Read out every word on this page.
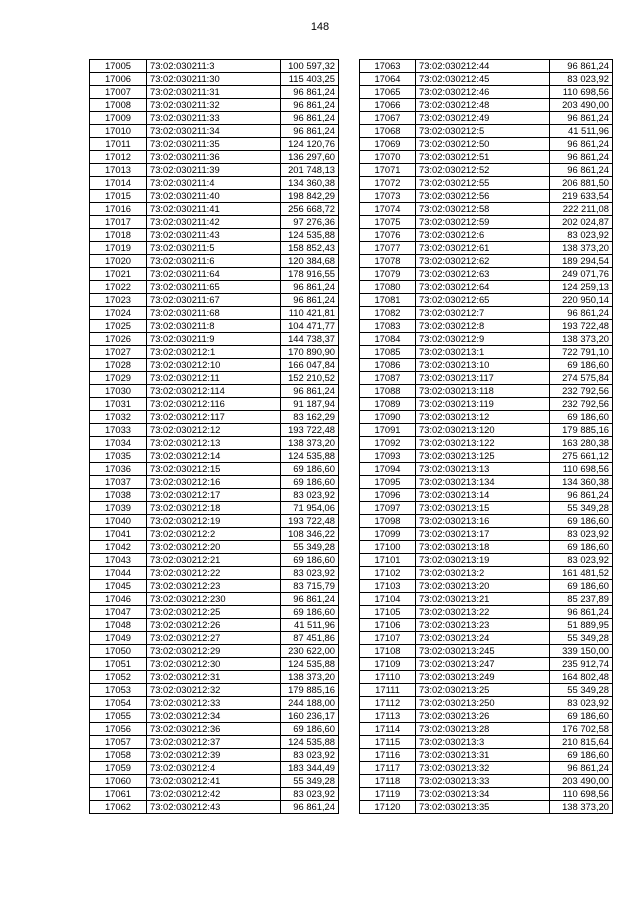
148
17005	73:02:030211:3	100 597,32
17006	73:02:030211:30	115 403,25
17007	73:02:030211:31	96 861,24
17008	73:02:030211:32	96 861,24
17009	73:02:030211:33	96 861,24
17010	73:02:030211:34	96 861,24
17011	73:02:030211:35	124 120,76
17012	73:02:030211:36	136 297,60
17013	73:02:030211:39	201 748,13
17014	73:02:030211:4	134 360,38
17015	73:02:030211:40	198 842,29
17016	73:02:030211:41	256 668,72
17017	73:02:030211:42	97 276,36
17018	73:02:030211:43	124 535,88
17019	73:02:030211:5	158 852,43
17020	73:02:030211:6	120 384,68
17021	73:02:030211:64	178 916,55
17022	73:02:030211:65	96 861,24
17023	73:02:030211:67	96 861,24
17024	73:02:030211:68	110 421,81
17025	73:02:030211:8	104 471,77
17026	73:02:030211:9	144 738,37
17027	73:02:030212:1	170 890,90
17028	73:02:030212:10	166 047,84
17029	73:02:030212:11	152 210,52
17030	73:02:030212:114	96 861,24
17031	73:02:030212:116	91 187,94
17032	73:02:030212:117	83 162,29
17033	73:02:030212:12	193 722,48
17034	73:02:030212:13	138 373,20
17035	73:02:030212:14	124 535,88
17036	73:02:030212:15	69 186,60
17037	73:02:030212:16	69 186,60
17038	73:02:030212:17	83 023,92
17039	73:02:030212:18	71 954,06
17040	73:02:030212:19	193 722,48
17041	73:02:030212:2	108 346,22
17042	73:02:030212:20	55 349,28
17043	73:02:030212:21	69 186,60
17044	73:02:030212:22	83 023,92
17045	73:02:030212:23	83 715,79
17046	73:02:030212:230	96 861,24
17047	73:02:030212:25	69 186,60
17048	73:02:030212:26	41 511,96
17049	73:02:030212:27	87 451,86
17050	73:02:030212:29	230 622,00
17051	73:02:030212:30	124 535,88
17052	73:02:030212:31	138 373,20
17053	73:02:030212:32	179 885,16
17054	73:02:030212:33	244 188,00
17055	73:02:030212:34	160 236,17
17056	73:02:030212:36	69 186,60
17057	73:02:030212:37	124 535,88
17058	73:02:030212:39	83 023,92
17059	73:02:030212:4	183 344,49
17060	73:02:030212:41	55 349,28
17061	73:02:030212:42	83 023,92
17062	73:02:030212:43	96 861,24
17063	73:02:030212:44	96 861,24
17064	73:02:030212:45	83 023,92
17065	73:02:030212:46	110 698,56
17066	73:02:030212:48	203 490,00
17067	73:02:030212:49	96 861,24
17068	73:02:030212:5	41 511,96
17069	73:02:030212:50	96 861,24
17070	73:02:030212:51	96 861,24
17071	73:02:030212:52	96 861,24
17072	73:02:030212:55	206 881,50
17073	73:02:030212:56	219 633,54
17074	73:02:030212:58	222 211,08
17075	73:02:030212:59	202 024,87
17076	73:02:030212:6	83 023,92
17077	73:02:030212:61	138 373,20
17078	73:02:030212:62	189 294,54
17079	73:02:030212:63	249 071,76
17080	73:02:030212:64	124 259,13
17081	73:02:030212:65	220 950,14
17082	73:02:030212:7	96 861,24
17083	73:02:030212:8	193 722,48
17084	73:02:030212:9	138 373,20
17085	73:02:030213:1	722 791,10
17086	73:02:030213:10	69 186,60
17087	73:02:030213:117	274 575,84
17088	73:02:030213:118	232 792,56
17089	73:02:030213:119	232 792,56
17090	73:02:030213:12	69 186,60
17091	73:02:030213:120	179 885,16
17092	73:02:030213:122	163 280,38
17093	73:02:030213:125	275 661,12
17094	73:02:030213:13	110 698,56
17095	73:02:030213:134	134 360,38
17096	73:02:030213:14	96 861,24
17097	73:02:030213:15	55 349,28
17098	73:02:030213:16	69 186,60
17099	73:02:030213:17	83 023,92
17100	73:02:030213:18	69 186,60
17101	73:02:030213:19	83 023,92
17102	73:02:030213:2	161 481,52
17103	73:02:030213:20	69 186,60
17104	73:02:030213:21	85 237,89
17105	73:02:030213:22	96 861,24
17106	73:02:030213:23	51 889,95
17107	73:02:030213:24	55 349,28
17108	73:02:030213:245	339 150,00
17109	73:02:030213:247	235 912,74
17110	73:02:030213:249	164 802,48
17111	73:02:030213:25	55 349,28
17112	73:02:030213:250	83 023,92
17113	73:02:030213:26	69 186,60
17114	73:02:030213:28	176 702,58
17115	73:02:030213:3	210 815,64
17116	73:02:030213:31	69 186,60
17117	73:02:030213:32	96 861,24
17118	73:02:030213:33	203 490,00
17119	73:02:030213:34	110 698,56
17120	73:02:030213:35	138 373,20
